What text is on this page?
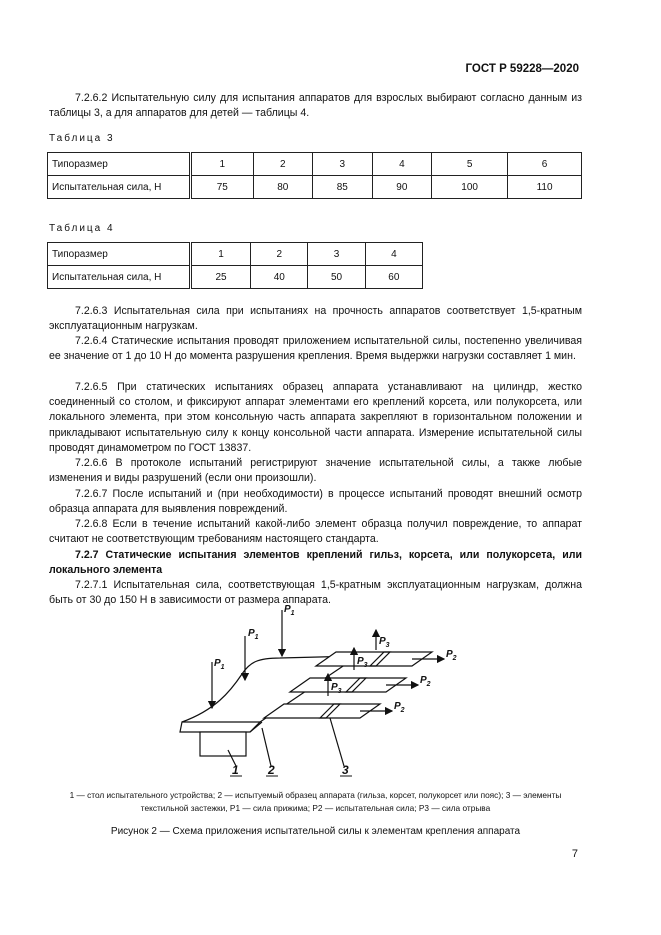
ГОСТ Р 59228—2020
7.2.6.2 Испытательную силу для испытания аппаратов для взрослых выбирают согласно данным из таблицы 3, а для аппаратов для детей — таблицы 4.
Таблица 3
Типоразмер	1	2	3	4	5	6
Испытательная сила, Н	75	80	85	90	100	110
Таблица 4
Типоразмер	1	2	3	4
Испытательная сила, Н	25	40	50	60
7.2.6.3 Испытательная сила при испытаниях на прочность аппаратов соответствует 1,5-кратным эксплуатационным нагрузкам.
7.2.6.4 Статические испытания проводят приложением испытательной силы, постепенно увеличивая ее значение от 1 до 10 Н до момента разрушения крепления. Время выдержки нагрузки составляет 1 мин.
7.2.6.5 При статических испытаниях образец аппарата устанавливают на цилиндр, жестко соединенный со столом, и фиксируют аппарат элементами его креплений корсета, или полукорсета, или локального элемента, при этом консольную часть аппарата закрепляют в горизонтальном положении и прикладывают испытательную силу к концу консольной части аппарата. Измерение испытательной силы проводят динамометром по ГОСТ 13837.
7.2.6.6 В протоколе испытаний регистрируют значение испытательной силы, а также любые изменения и виды разрушений (если они произошли).
7.2.6.7 После испытаний и (при необходимости) в процессе испытаний проводят внешний осмотр образца аппарата для выявления повреждений.
7.2.6.8 Если в течение испытаний какой-либо элемент образца получил повреждение, то аппарат считают не соответствующим требованиям настоящего стандарта.
7.2.7 Статические испытания элементов креплений гильз, корсета, или полукорсета, или локального элемента
7.2.7.1 Испытательная сила, соответствующая 1,5-кратным эксплуатационным нагрузкам, должна быть от 30 до 150 Н в зависимости от размера аппарата.
$P_1$
$P_1$
$P_1$
$P_2$
$P_2$
$P_2$
$P_3$
$P_3$
$P_3$
1 2	3
1 — стол испытательного устройства; 2 — испытуемый образец аппарата (гильза, корсет, полукорсет или пояс); 3 — элементы текстильной застежки, P1 — сила прижима; P2 — испытательная сила; P3 — сила отрыва
Рисунок 2 — Схема приложения испытательной силы к элементам крепления аппарата
7
